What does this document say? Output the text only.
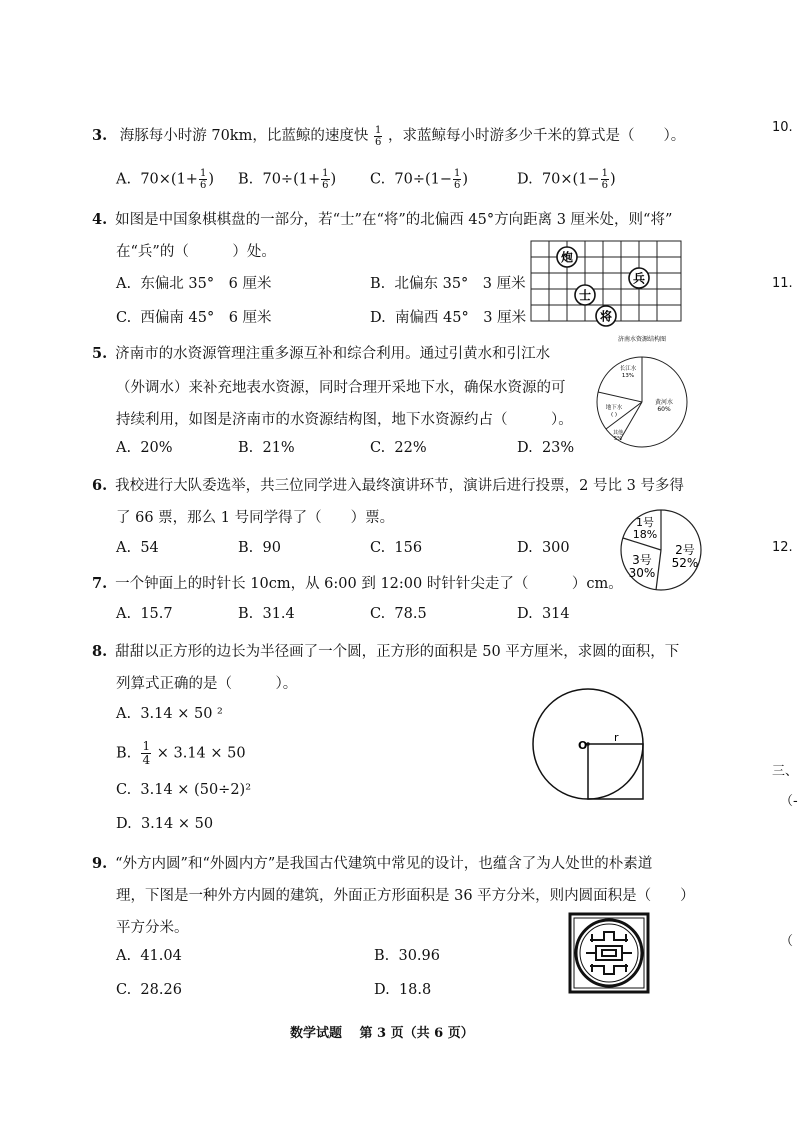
3. 海豚每小时游 70km，比蓝鲸的速度快 $\frac{1}{6}$ ，求蓝鲸每小时游多少千米的算式是（　　）。
A. $70\times(1+ \frac{1}{6}$ ) B. $70\div(1+ \frac{1}{6}$ ) C. $70\div(1- \frac{1}{6}$ )	D. $70\times(1- \frac{1}{6}$ )
4. 如图是中国象棋棋盘的一部分，若“士”在“将”的北偏西 45°方向距离 3 厘米处，则“将”
在“兵”的（　　　）处。
A. 东偏北 35°　6 厘米	B. 北偏东 35°　3 厘米
C. 西偏南 45°　6 厘米	D. 南偏西 45°　3 厘米
炮
兵
士
将
5. 济南市的水资源管理注重多源互补和综合利用。通过引黄水和引江水
（外调水）来补充地表水资源，同时合理开采地下水，确保水资源的可
持续利用，如图是济南市的水资源结构图，地下水资源约占（　　　）。
A. 20%	B. 21%	C. 22%	D. 23%
济南水资源结构图
长江水
13%
黄河水
60%
地下水
( )
其他
5%
6. 我校进行大队委选举，共三位同学进入最终演讲环节，演讲后进行投票，2 号比 3 号多得
了 66 票，那么 1 号同学得了（　　）票。
A. 54	B. 90	C. 156	D. 300
1号
18%
2号
52%
3号
30%
7. 一个钟面上的时针长 10cm，从 6:00 到 12:00 时针针尖走了（　　　）cm。
A. 15.7	B. 31.4	C. 78.5	D. 314
8. 甜甜以正方形的边长为半径画了一个圆，正方形的面积是 50 平方厘米，求圆的面积，下
列算式正确的是（　　　）。
A. 3.14 × 50 ²
B. $\frac{1}{4} \times 3.14 \times 50$
C. 3.14 × (50÷2)²
D. 3.14 × 50
O
r
9. “外方内圆”和“外圆内方”是我国古代建筑中常见的设计，也蕴含了为人处世的朴素道
理，下图是一种外方内圆的建筑，外面正方形面积是 36 平方分米，则内圆面积是（　　）
平方分米。
A. 41.04	B. 30.96
C. 28.26	D. 18.8
数学试题　 第 3 页（共 6 页）
10.
11.
12.
三、
（-
（
